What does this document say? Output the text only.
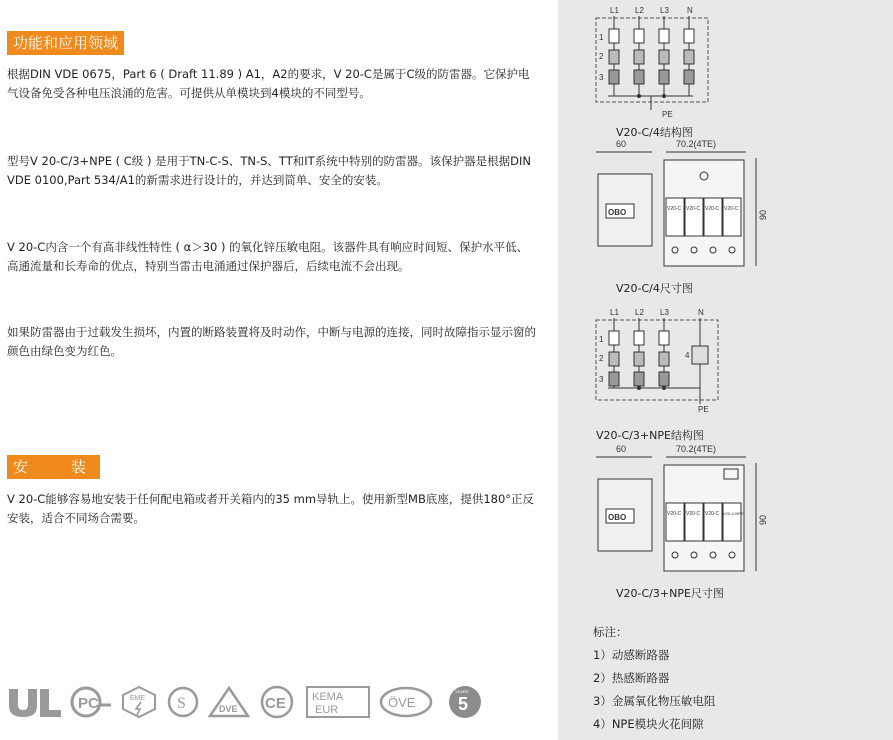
功能和应用领域
根据DIN VDE 0675，Part 6 ( Draft 11.89 ) A1，A2的要求，V 20-C是属于C级的防雷器。它保护电气设备免受各种电压浪涌的危害。可提供从单模块到4模块的不同型号。
型号V 20-C/3+NPE ( C级 ) 是用于TN-C-S、TN-S、TT和IT系统中特别的防雷器。该保护器是根据DIN VDE 0100,Part 534/A1的新需求进行设计的，并达到简单、安全的安装。
V 20-C内含一个有高非线性特性 ( α＞30 ) 的氧化锌压敏电阻。该器件具有响应时间短、保护水平低、高通流量和长寿命的优点，特别当雷击电涌通过保护器后，后续电流不会出现。
如果防雷器由于过载发生损坏，内置的断路装置将及时动作，中断与电源的连接，同时故障指示显示窗的颜色由绿色变为红色。
安　装
V 20-C能够容易地安装于任何配电箱或者开关箱内的35 mm导轨上。使用新型MB底座，提供180°正反安装，适合不同场合需要。
UL
PC	EME S	DVE CE KEMA
EUR	ÖVE
YEARS
5
L1 L2 L3 N
PE
1
2
3
V20-C/4结构图
60	70.2(4TE)
90
OBO	V20-C V20-C V20-C V20-C
V20-C/4尺寸图
L1 L2 L3	N
PE
1
2
3
4
V20-C/3+NPE结构图
60	70.2(4TE)
90
OBO	V20-C V20-C V20-C V20-C/NPE
V20-C/3+NPE尺寸图
标注：
1）动感断路器
2）热感断路器
3）金属氧化物压敏电阻
4）NPE模块火花间隙
